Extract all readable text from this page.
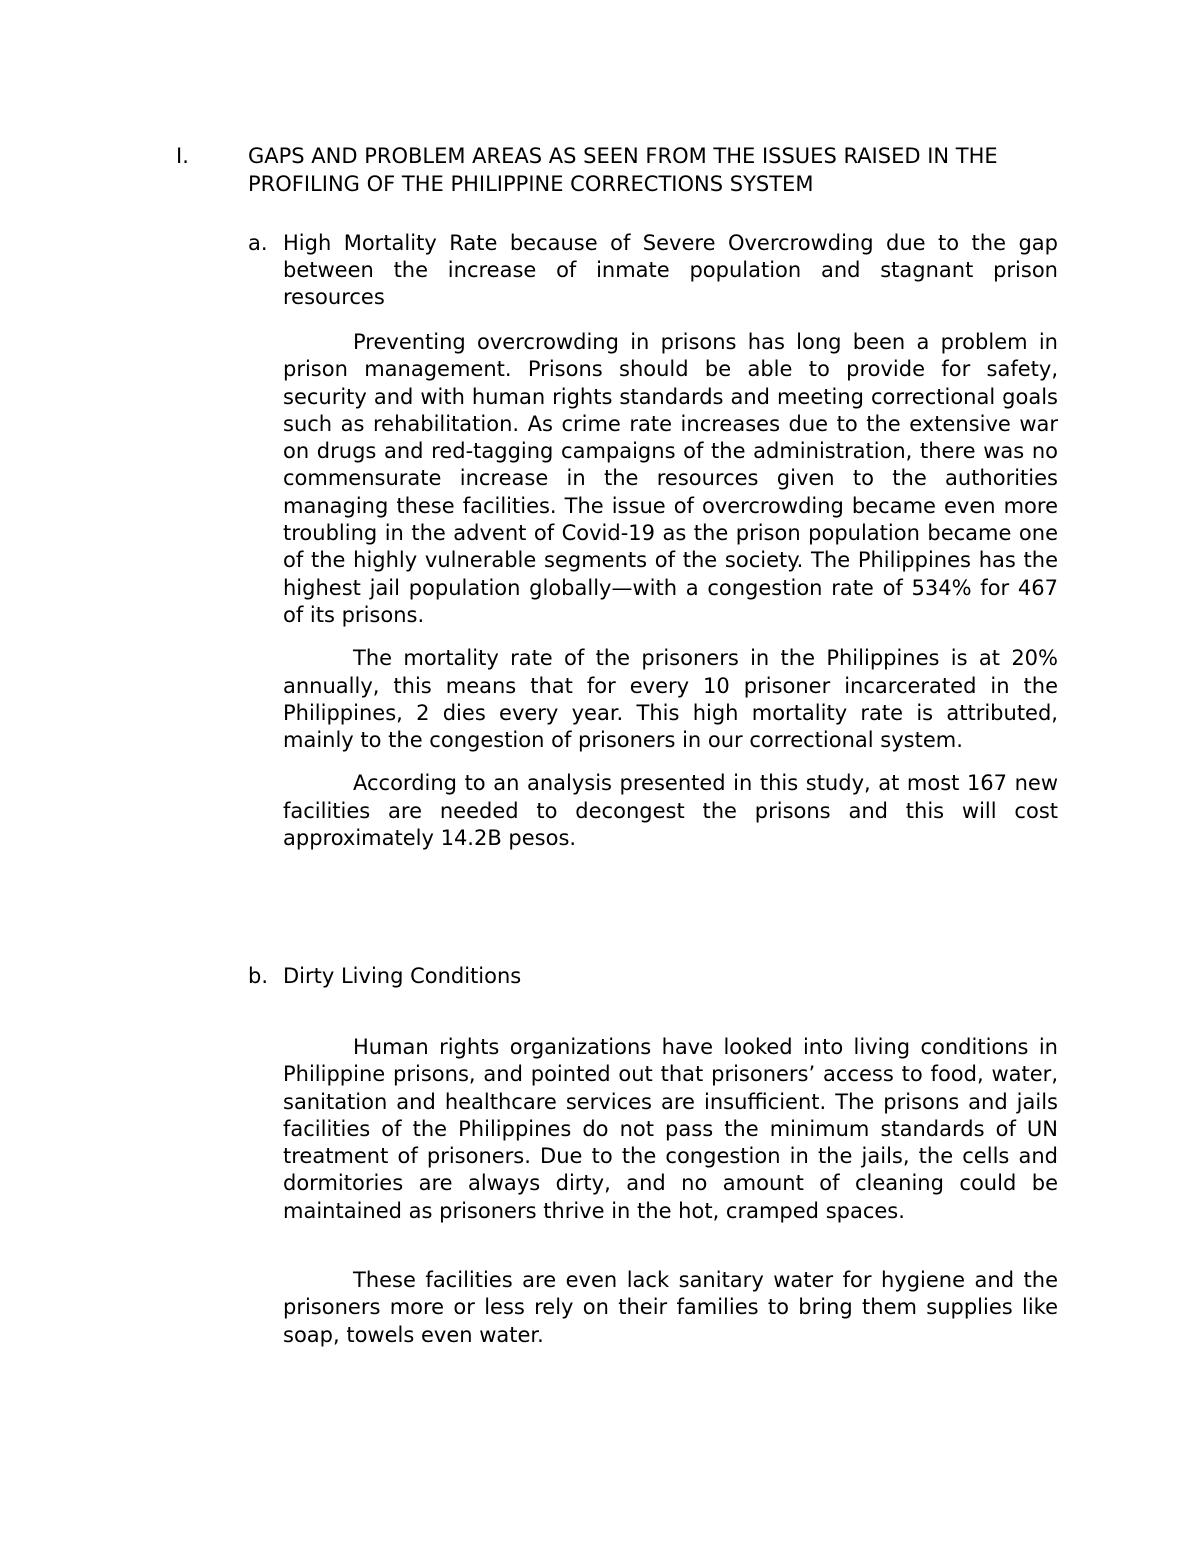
I.	GAPS AND PROBLEM AREAS AS SEEN FROM THE ISSUES RAISED IN THE PROFILING OF THE PHILIPPINE CORRECTIONS SYSTEM
a. High Mortality Rate because of Severe Overcrowding due to the gap between the increase of inmate population and stagnant prison resources

Preventing overcrowding in prisons has long been a problem in prison management. Prisons should be able to provide for safety, security and with human rights standards and meeting correctional goals such as rehabilitation. As crime rate increases due to the extensive war on drugs and red-tagging campaigns of the administration, there was no commensurate increase in the resources given to the authorities managing these facilities. The issue of overcrowding became even more troubling in the advent of Covid-19 as the prison population became one of the highly vulnerable segments of the society. The Philippines has the highest jail population globally—with a congestion rate of 534% for 467 of its prisons.

The mortality rate of the prisoners in the Philippines is at 20% annually, this means that for every 10 prisoner incarcerated in the Philippines, 2 dies every year. This high mortality rate is attributed, mainly to the congestion of prisoners in our correctional system.

According to an analysis presented in this study, at most 167 new facilities are needed to decongest the prisons and this will cost approximately 14.2B pesos.

b. Dirty Living Conditions

Human rights organizations have looked into living conditions in Philippine prisons, and pointed out that prisoners’ access to food, water, sanitation and healthcare services are insufficient. The prisons and jails facilities of the Philippines do not pass the minimum standards of UN treatment of prisoners. Due to the congestion in the jails, the cells and dormitories are always dirty, and no amount of cleaning could be maintained as prisoners thrive in the hot, cramped spaces.

These facilities are even lack sanitary water for hygiene and the prisoners more or less rely on their families to bring them supplies like soap, towels even water.
